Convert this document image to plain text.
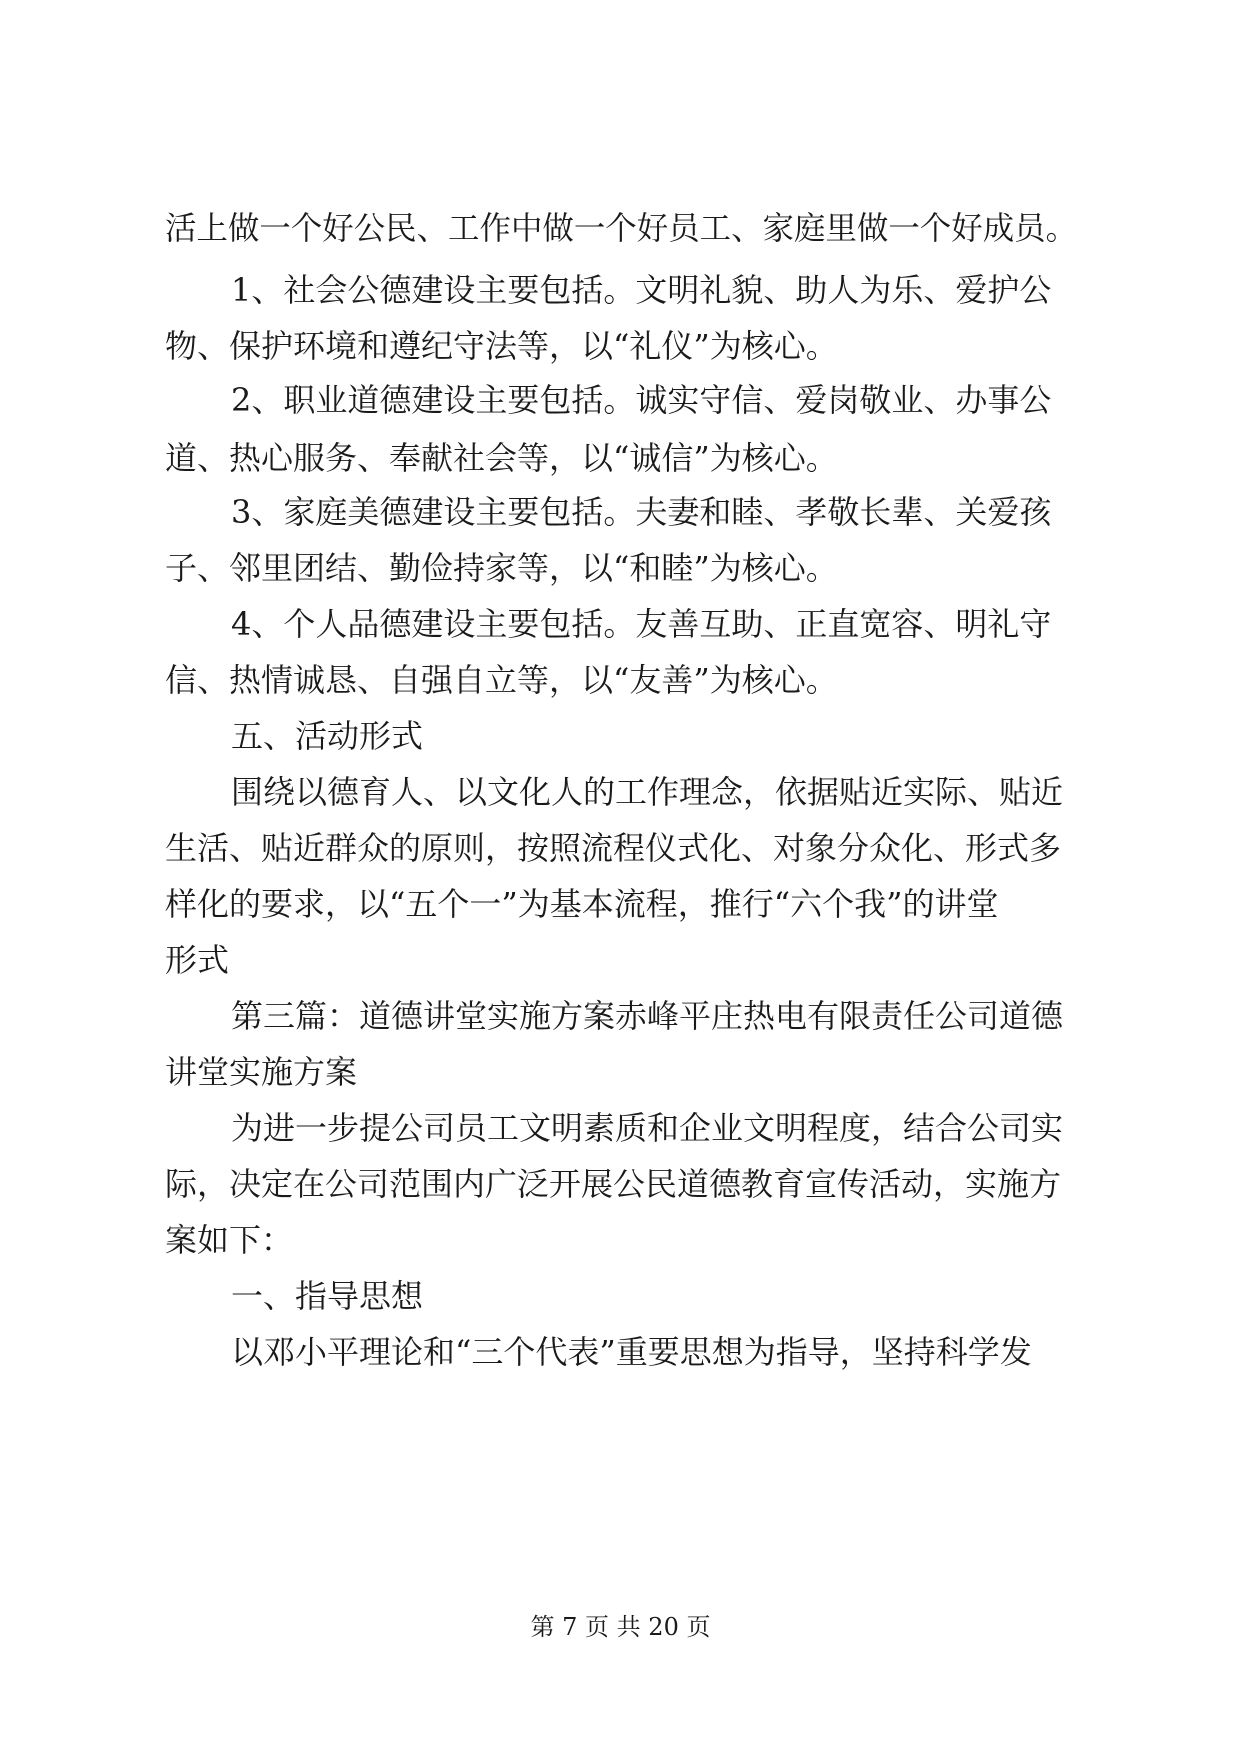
活上做一个好公民、工作中做一个好员工、家庭里做一个好成员。
1、社会公德建设主要包括。文明礼貌、助人为乐、爱护公
物、保护环境和遵纪守法等，以“礼仪”为核心。
2、职业道德建设主要包括。诚实守信、爱岗敬业、办事公
道、热心服务、奉献社会等，以“诚信”为核心。
3、家庭美德建设主要包括。夫妻和睦、孝敬长辈、关爱孩
子、邻里团结、勤俭持家等，以“和睦”为核心。
4、个人品德建设主要包括。友善互助、正直宽容、明礼守
信、热情诚恳、自强自立等，以“友善”为核心。
五、活动形式
围绕以德育人、以文化人的工作理念，依据贴近实际、贴近
生活、贴近群众的原则，按照流程仪式化、对象分众化、形式多
样化的要求，以“五个一”为基本流程，推行“六个我”的讲堂
形式
第三篇：道德讲堂实施方案赤峰平庄热电有限责任公司道德
讲堂实施方案
为进一步提公司员工文明素质和企业文明程度，结合公司实
际，决定在公司范围内广泛开展公民道德教育宣传活动，实施方
案如下：
一、指导思想
以邓小平理论和“三个代表”重要思想为指导，坚持科学发
第 7 页 共 20 页
